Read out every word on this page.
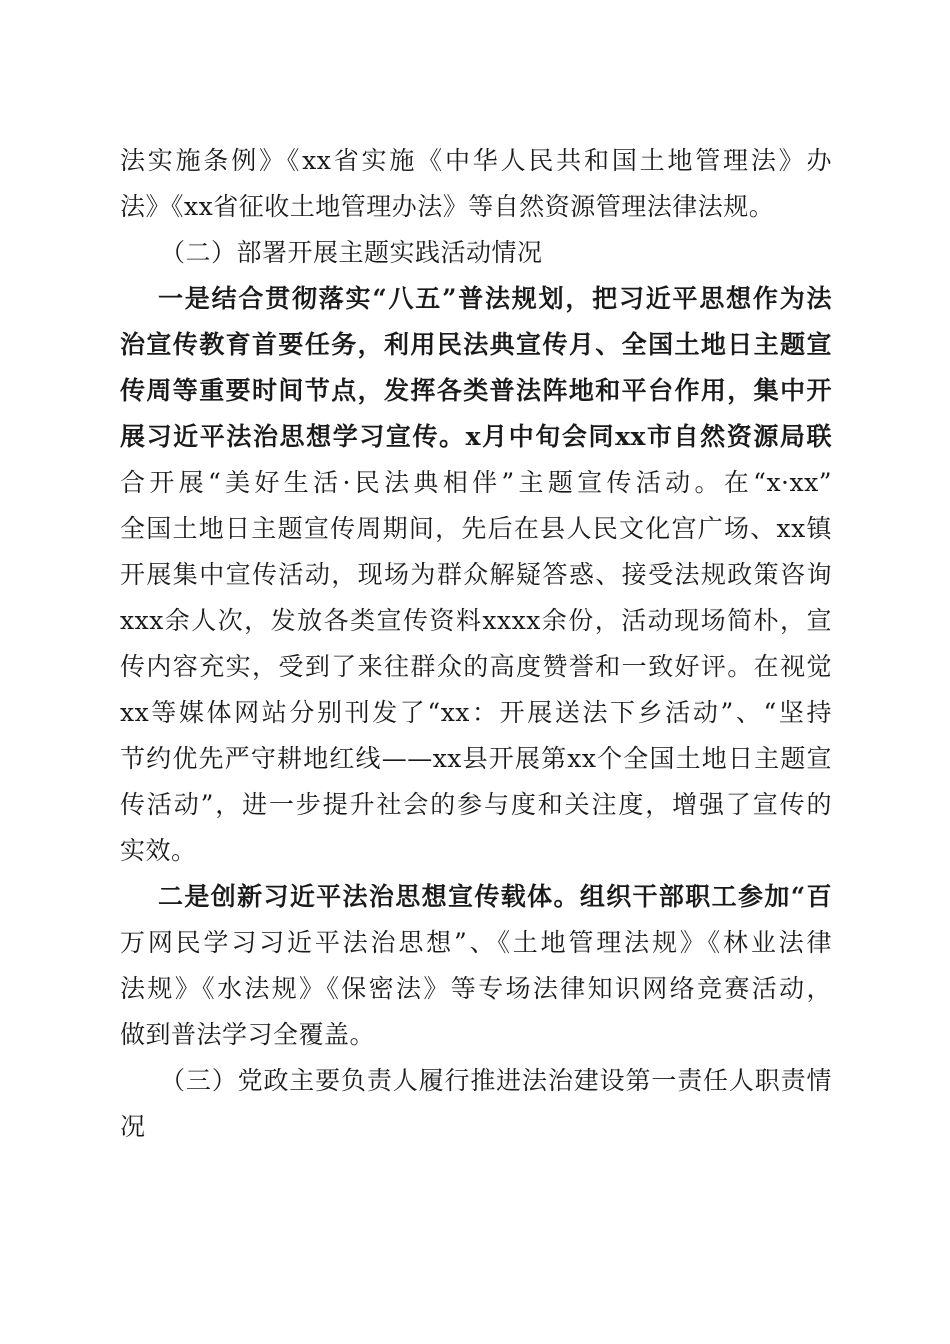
法实施条例》《xx省实施《中华人民共和国土地管理法》办
法》《xx省征收土地管理办法》等自然资源管理法律法规。
（二）部署开展主题实践活动情况
一是结合贯彻落实“八五”普法规划，把习近平思想作为法
治宣传教育首要任务，利用民法典宣传月、全国土地日主题宣
传周等重要时间节点，发挥各类普法阵地和平台作用，集中开
展习近平法治思想学习宣传。x月中旬会同xx市自然资源局联
合开展“美好生活·民法典相伴”主题宣传活动。在“x·xx”
全国土地日主题宣传周期间，先后在县人民文化宫广场、xx镇
开展集中宣传活动，现场为群众解疑答惑、接受法规政策咨询
xxx余人次，发放各类宣传资料xxxx余份，活动现场简朴，宣
传内容充实，受到了来往群众的高度赞誉和一致好评。在视觉
xx等媒体网站分别刊发了“xx：开展送法下乡活动”、“坚持
节约优先严守耕地红线——xx县开展第xx个全国土地日主题宣
传活动”，进一步提升社会的参与度和关注度，增强了宣传的
实效。
二是创新习近平法治思想宣传载体。组织干部职工参加“百
万网民学习习近平法治思想”、《土地管理法规》《林业法律
法规》《水法规》《保密法》等专场法律知识网络竞赛活动，
做到普法学习全覆盖。
（三）党政主要负责人履行推进法治建设第一责任人职责情
况
